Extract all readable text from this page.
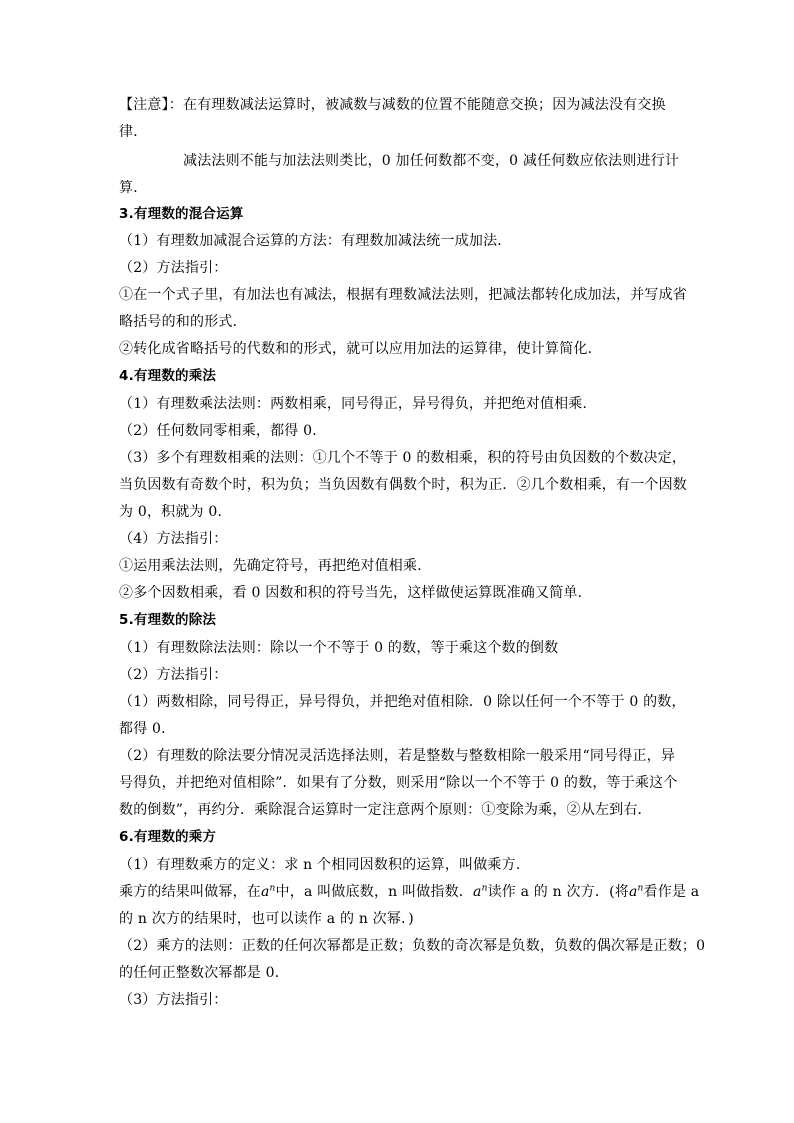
【注意】：在有理数减法运算时，被减数与减数的位置不能随意交换；因为减法没有交换
律．
减法法则不能与加法法则类比，0 加任何数都不变，0 减任何数应依法则进行计
算．
3.有理数的混合运算
（1）有理数加减混合运算的方法：有理数加减法统一成加法．
（2）方法指引：
①在一个式子里，有加法也有减法，根据有理数减法法则，把减法都转化成加法，并写成省
略括号的和的形式．
②转化成省略括号的代数和的形式，就可以应用加法的运算律，使计算简化．
4.有理数的乘法
（1）有理数乘法法则：两数相乘，同号得正，异号得负，并把绝对值相乘．
（2）任何数同零相乘，都得 0．
（3）多个有理数相乘的法则：①几个不等于 0 的数相乘，积的符号由负因数的个数决定，
当负因数有奇数个时，积为负；当负因数有偶数个时，积为正．②几个数相乘，有一个因数
为 0，积就为 0．
（4）方法指引：
①运用乘法法则，先确定符号，再把绝对值相乘．
②多个因数相乘，看 0 因数和积的符号当先，这样做使运算既准确又简单．
5.有理数的除法
（1）有理数除法法则：除以一个不等于 0 的数，等于乘这个数的倒数
（2）方法指引：
（1）两数相除，同号得正，异号得负，并把绝对值相除．0 除以任何一个不等于 0 的数，
都得 0．
（2）有理数的除法要分情况灵活选择法则，若是整数与整数相除一般采用“同号得正，异
号得负，并把绝对值相除”．如果有了分数，则采用“除以一个不等于 0 的数，等于乘这个
数的倒数”，再约分．乘除混合运算时一定注意两个原则：①变除为乘，②从左到右．
6.有理数的乘方
（1）有理数乘方的定义：求 n 个相同因数积的运算，叫做乘方．
乘方的结果叫做幂，在$a^n$中，a 叫做底数，n 叫做指数．$a^n$读作 a 的 n 次方．(将$a^n$看作是 a
的 n 次方的结果时，也可以读作 a 的 n 次幂．)
（2）乘方的法则：正数的任何次幂都是正数；负数的奇次幂是负数，负数的偶次幂是正数；0
的任何正整数次幂都是 0．
（3）方法指引：
